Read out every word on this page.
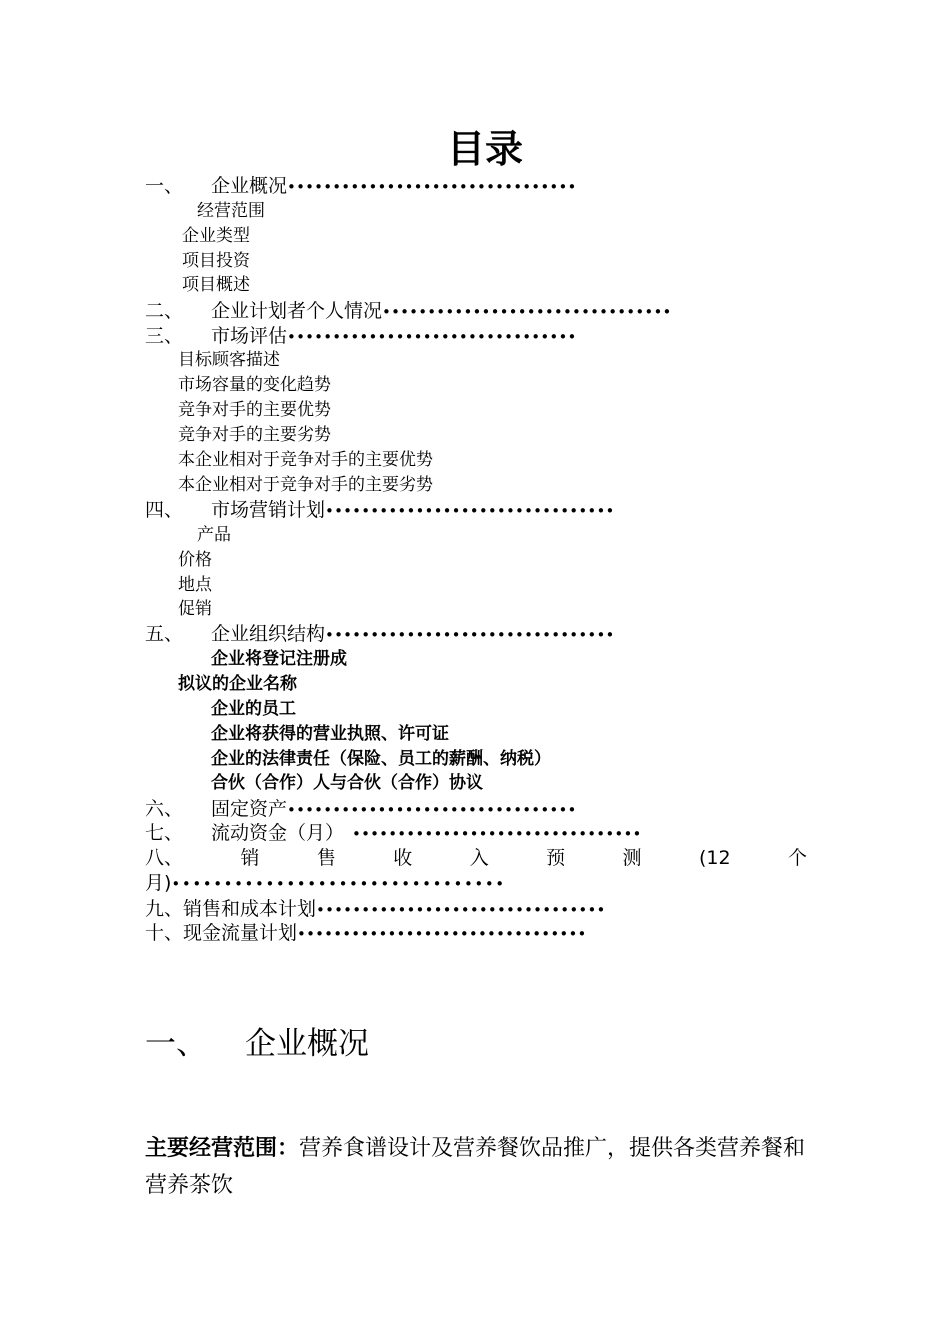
目录
一、 企业概况••••••••••••••••••••••••••••••••
经营范围
企业类型
项目投资
项目概述
二、 企业计划者个人情况••••••••••••••••••••••••••••••••
三、 市场评估••••••••••••••••••••••••••••••••
目标顾客描述
市场容量的变化趋势
竞争对手的主要优势
竞争对手的主要劣势
本企业相对于竞争对手的主要优势
本企业相对于竞争对手的主要劣势
四、 市场营销计划••••••••••••••••••••••••••••••••
产品
价格
地点
促销
五、 企业组织结构••••••••••••••••••••••••••••••••
企业将登记注册成
拟议的企业名称
企业的员工
企业将获得的营业执照、许可证
企业的法律责任（保险、员工的薪酬、纳税）
合伙（合作）人与合伙（合作）协议
六、 固定资产••••••••••••••••••••••••••••••••
七、 流动资金（月） ••••••••••••••••••••••••••••••••
八、	销	售	收	入	预	测	(12	个
月)••••••••••••••••••••••••••••••••
九、销售和成本计划••••••••••••••••••••••••••••••••
十、现金流量计划••••••••••••••••••••••••••••••••
一、 企业概况
主要经营范围：营养食谱设计及营养餐饮品推广，提供各类营养餐和营养茶饮
